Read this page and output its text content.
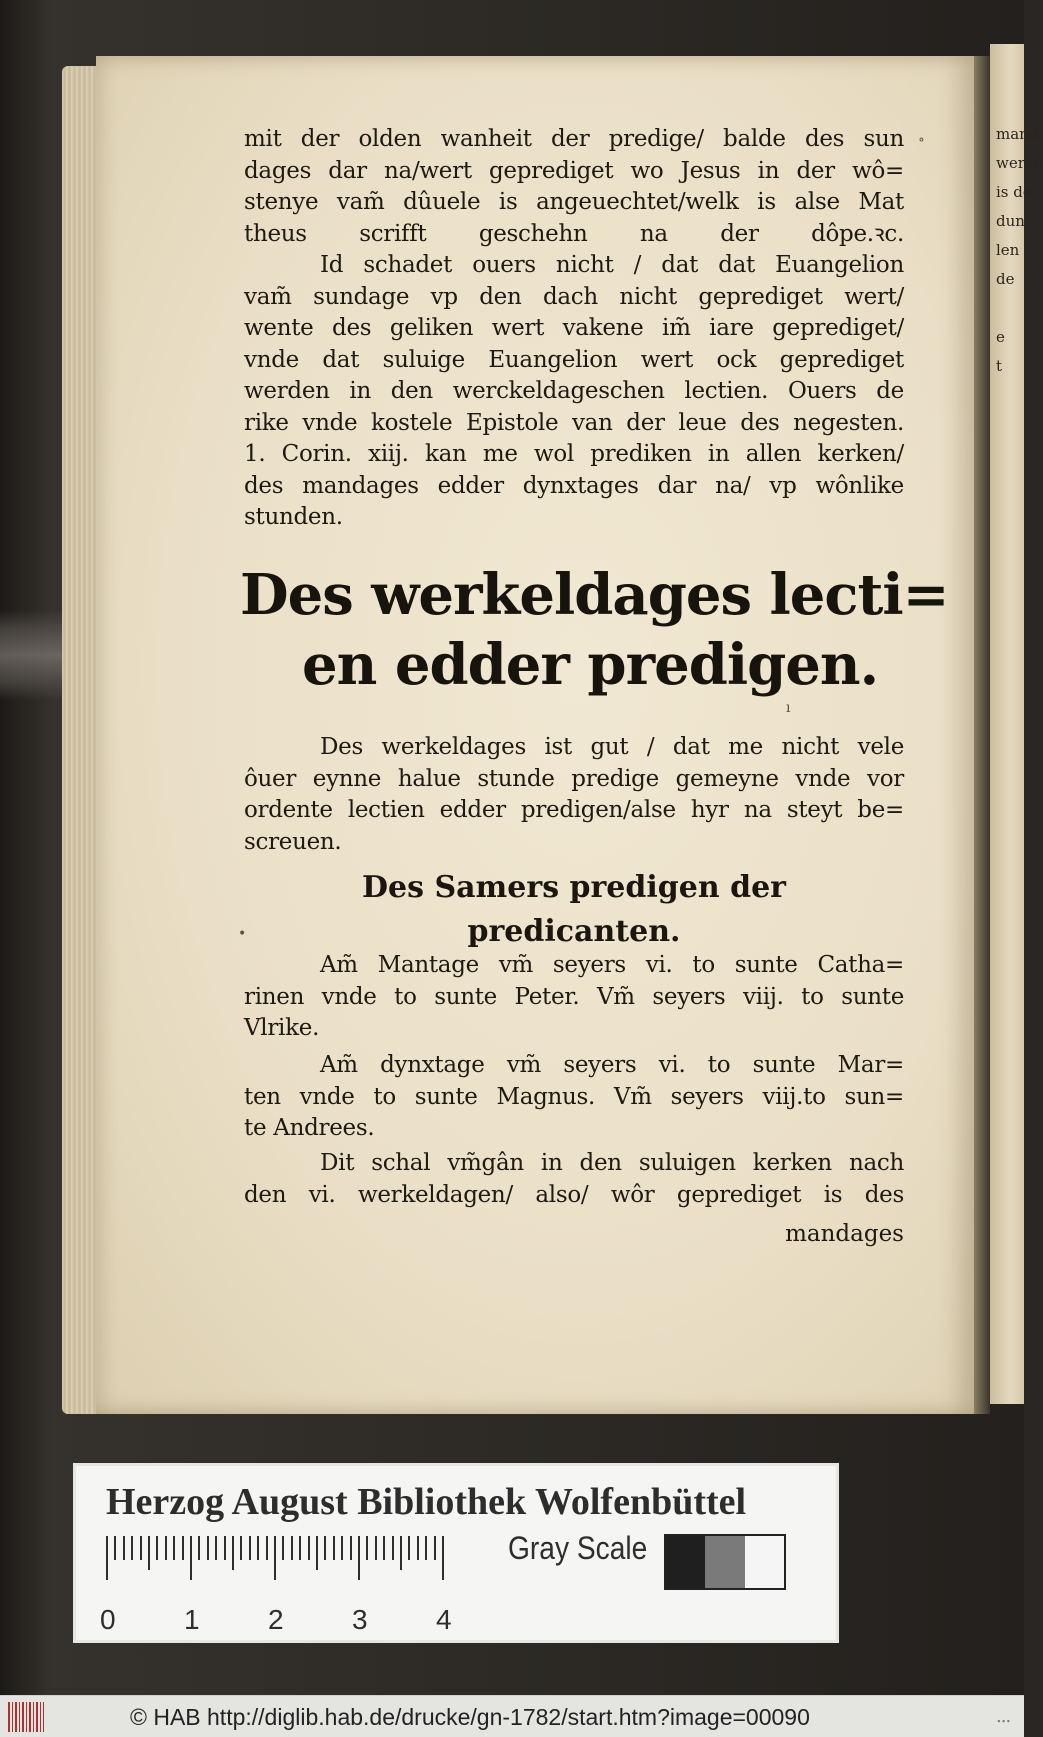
mand
werke
is de
dun
len
de
e
t
∘
•
ı
mit der olden wanheit der predige/ balde des sun
dages dar na/wert geprediget wo Jesus in der wô=
stenye vam̃ dûuele is angeuechtet/welk is alse Mat
theus scrifft geschehn na der dôpe.ꝛc.
Id schadet ouers nicht / dat dat Euangelion
vam̃ sundage vp den dach nicht geprediget wert/
wente des geliken wert vakene im̃ iare geprediget/
vnde dat suluige Euangelion wert ock geprediget
werden in den werckeldageschen lectien. Ouers de
rike vnde kostele Epistole van der leue des negesten.
1. Corin. xiij. kan me wol prediken in allen kerken/
des mandages edder dynxtages dar na/ vp wônlike
stunden.
Des werkeldages lecti=
en edder predigen.
Des werkeldages ist gut / dat me nicht vele
ôuer eynne halue stunde predige gemeyne vnde vor
ordente lectien edder predigen/alse hyr na steyt be=
screuen.
Des Samers predigen der
predicanten.
Am̃ Mantage vm̃ seyers vi. to sunte Catha=
rinen vnde to sunte Peter. Vm̃ seyers viij. to sunte
Vlrike.
Am̃ dynxtage vm̃ seyers vi. to sunte Mar=
ten vnde to sunte Magnus. Vm̃ seyers viij.to sun=
te Andrees.
Dit schal vm̃gân in den suluigen kerken nach
den vi. werkeldagen/ also/ wôr geprediget is des
mandages
Herzog August Bibliothek Wolfenbüttel
0 1 2 3 4
Gray Scale
© HAB http://diglib.hab.de/drucke/gn-1782/start.htm?image=00090	...
